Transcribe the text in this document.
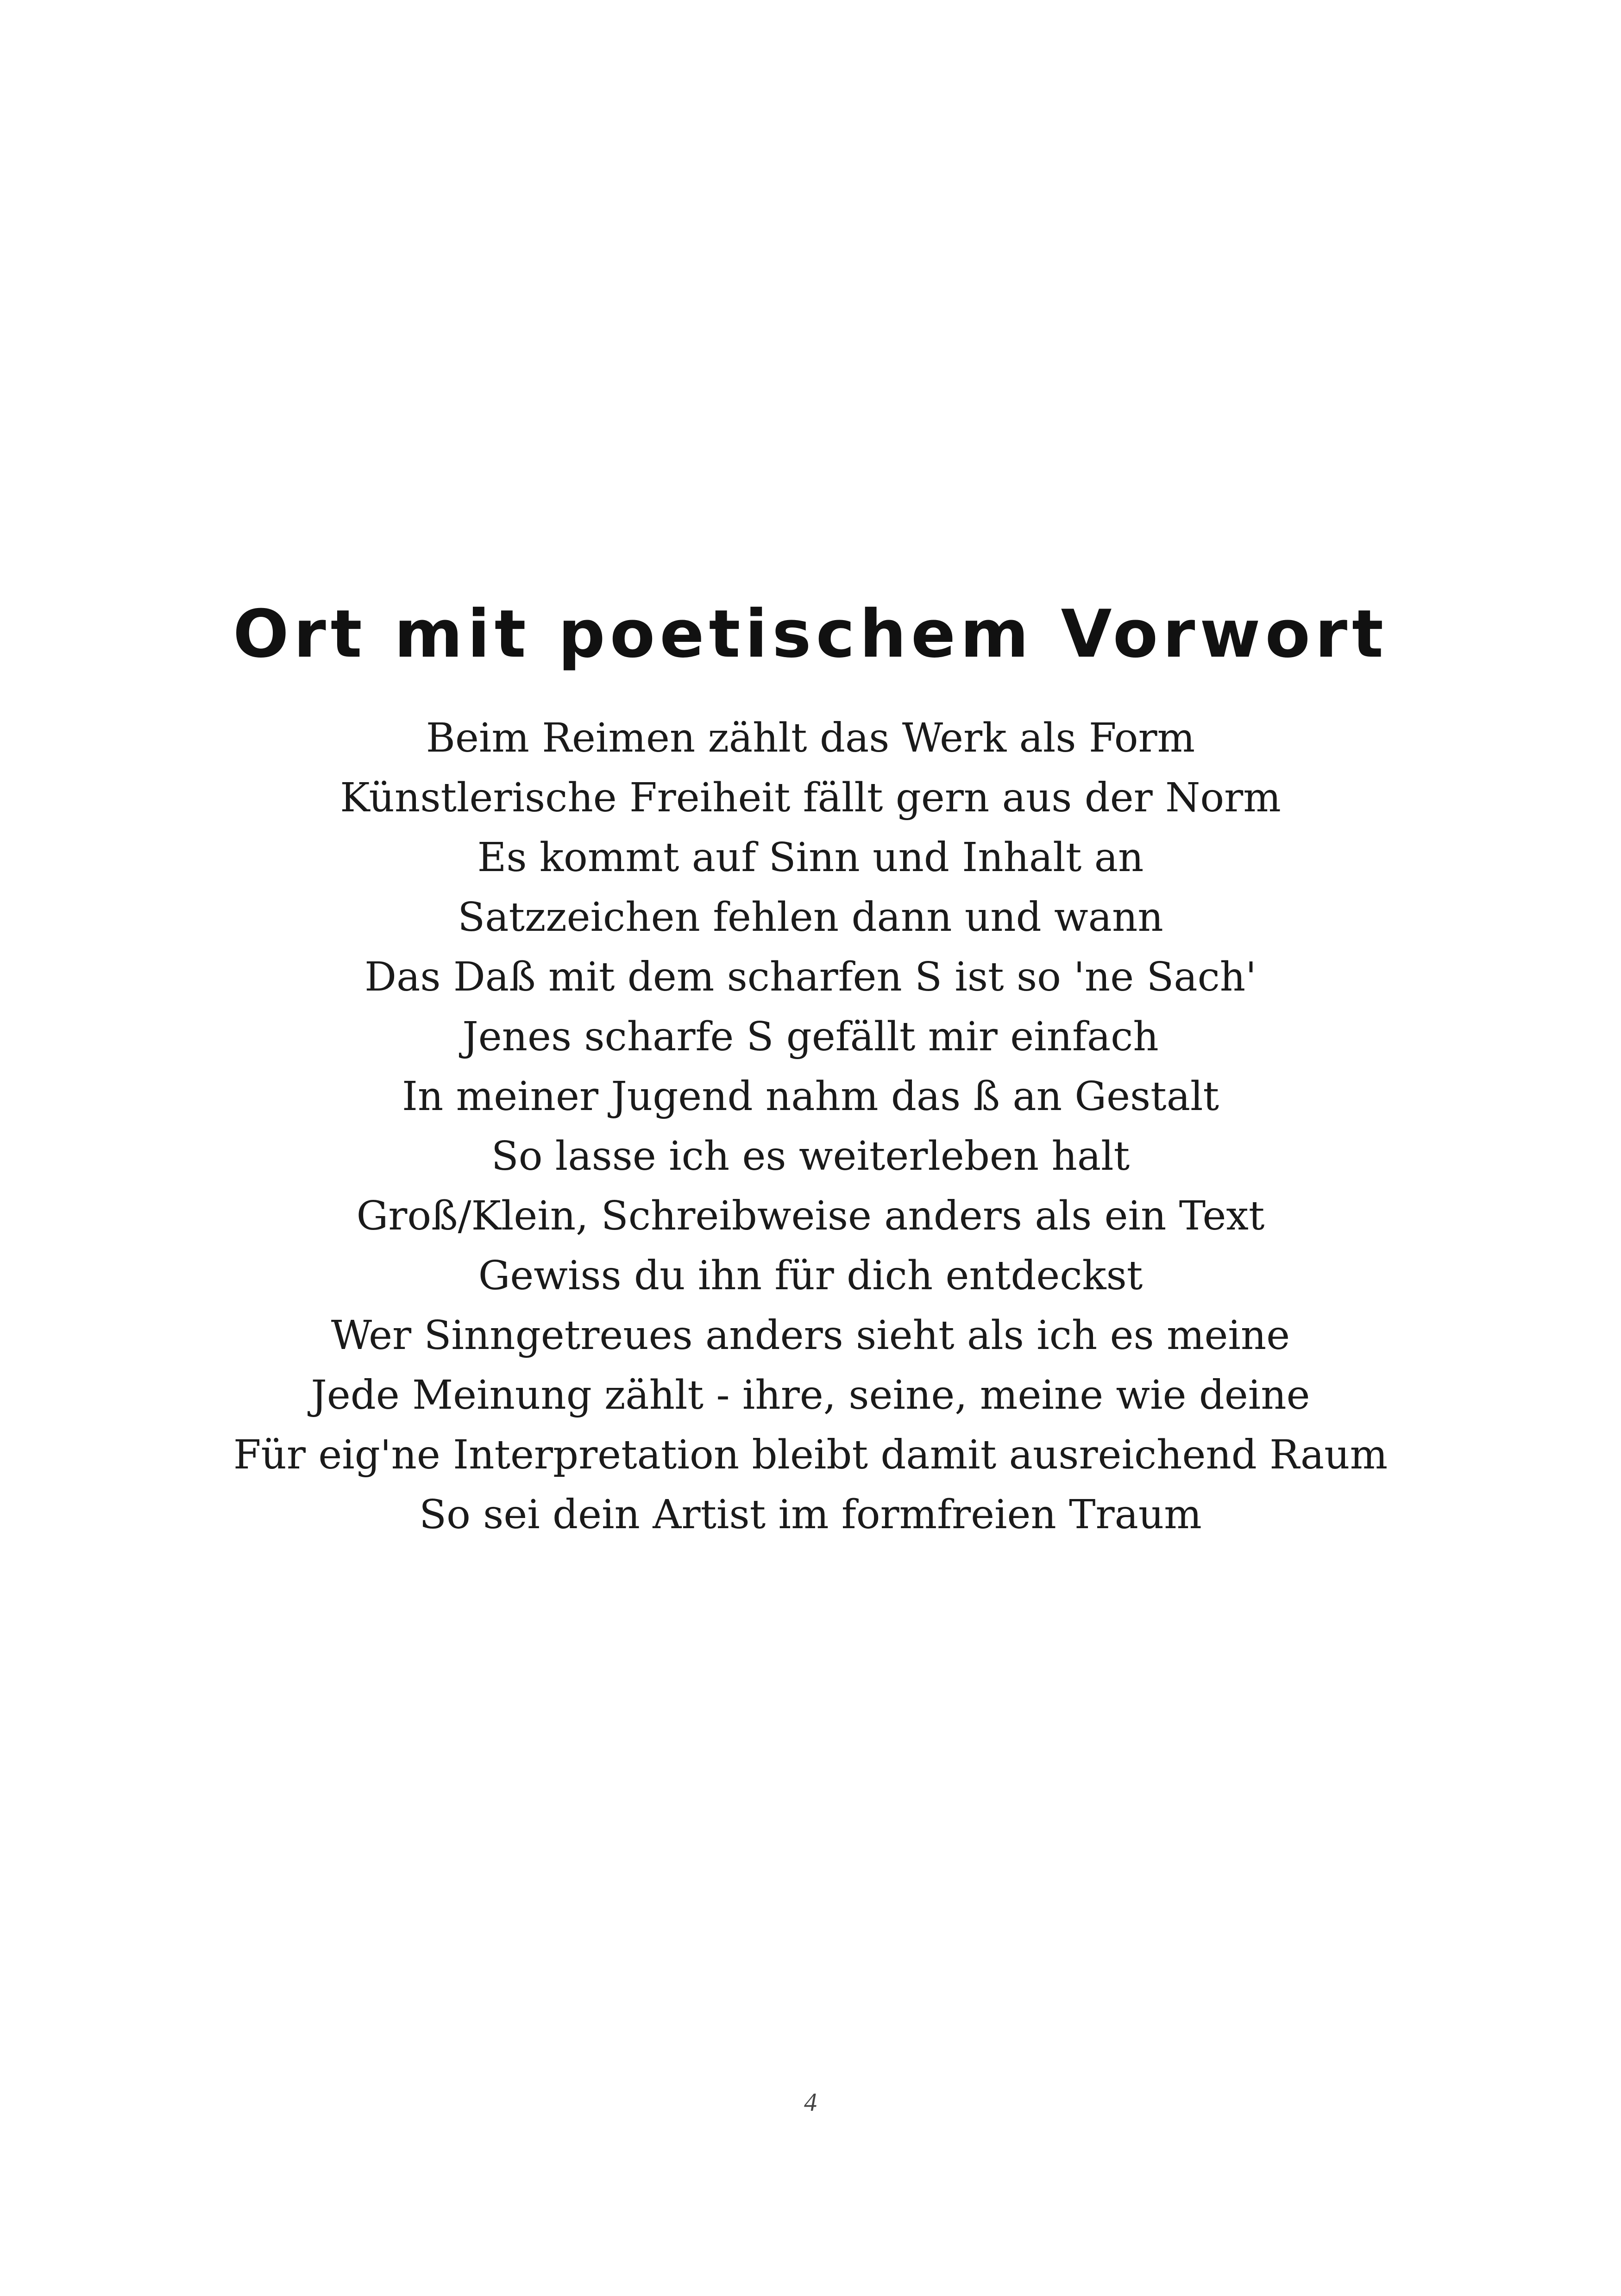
Ort mit poetischem Vorwort
Beim Reimen zählt das Werk als Form
Künstlerische Freiheit fällt gern aus der Norm
Es kommt auf Sinn und Inhalt an
Satzzeichen fehlen dann und wann
Das Daß mit dem scharfen S ist so 'ne Sach'
Jenes scharfe S gefällt mir einfach
In meiner Jugend nahm das ß an Gestalt
So lasse ich es weiterleben halt
Groß/Klein, Schreibweise anders als ein Text
Gewiss du ihn für dich entdeckst
Wer Sinngetreues anders sieht als ich es meine
Jede Meinung zählt - ihre, seine, meine wie deine
Für eig'ne Interpretation bleibt damit ausreichend Raum
So sei dein Artist im formfreien Traum
4
